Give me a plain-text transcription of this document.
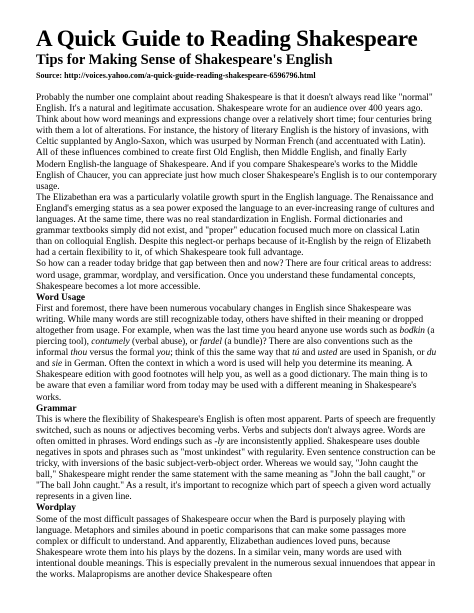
A Quick Guide to Reading Shakespeare
Tips for Making Sense of Shakespeare's English

Source: http://voices.yahoo.com/a-quick-guide-reading-shakespeare-6596796.html

Probably the number one complaint about reading Shakespeare is that it doesn't always read like "normal" English. It's a natural and legitimate accusation. Shakespeare wrote for an audience over 400 years ago. Think about how word meanings and expressions change over a relatively short time; four centuries bring with them a lot of alterations. For instance, the history of literary English is the history of invasions, with Celtic supplanted by Anglo-Saxon, which was usurped by Norman French (and accentuated with Latin). All of these influences combined to create first Old English, then Middle English, and finally Early Modern English-the language of Shakespeare. And if you compare Shakespeare's works to the Middle English of Chaucer, you can appreciate just how much closer Shakespeare's English is to our contemporary usage.

The Elizabethan era was a particularly volatile growth spurt in the English language. The Renaissance and England's emerging status as a sea power exposed the language to an ever-increasing range of cultures and languages. At the same time, there was no real standardization in English. Formal dictionaries and grammar textbooks simply did not exist, and "proper" education focused much more on classical Latin than on colloquial English. Despite this neglect-or perhaps because of it-English by the reign of Elizabeth had a certain flexibility to it, of which Shakespeare took full advantage.

So how can a reader today bridge that gap between then and now? There are four critical areas to address: word usage, grammar, wordplay, and versification. Once you understand these fundamental concepts, Shakespeare becomes a lot more accessible.

Word Usage

First and foremost, there have been numerous vocabulary changes in English since Shakespeare was writing. While many words are still recognizable today, others have shifted in their meaning or dropped altogether from usage. For example, when was the last time you heard anyone use words such as bodkin (a piercing tool), contumely (verbal abuse), or fardel (a bundle)? There are also conventions such as the informal thou versus the formal you; think of this the same way that tú and usted are used in Spanish, or du and sie in German. Often the context in which a word is used will help you determine its meaning. A Shakespeare edition with good footnotes will help you, as well as a good dictionary. The main thing is to be aware that even a familiar word from today may be used with a different meaning in Shakespeare's works.

Grammar

This is where the flexibility of Shakespeare's English is often most apparent. Parts of speech are frequently switched, such as nouns or adjectives becoming verbs. Verbs and subjects don't always agree. Words are often omitted in phrases. Word endings such as -ly are inconsistently applied. Shakespeare uses double negatives in spots and phrases such as "most unkindest" with regularity. Even sentence construction can be tricky, with inversions of the basic subject-verb-object order. Whereas we would say, "John caught the ball," Shakespeare might render the same statement with the same meaning as "John the ball caught," or "The ball John caught." As a result, it's important to recognize which part of speech a given word actually represents in a given line.

Wordplay

Some of the most difficult passages of Shakespeare occur when the Bard is purposely playing with language. Metaphors and similes abound in poetic comparisons that can make some passages more complex or difficult to understand. And apparently, Elizabethan audiences loved puns, because Shakespeare wrote them into his plays by the dozens. In a similar vein, many words are used with intentional double meanings. This is especially prevalent in the numerous sexual innuendoes that appear in the works. Malapropisms are another device Shakespeare often
